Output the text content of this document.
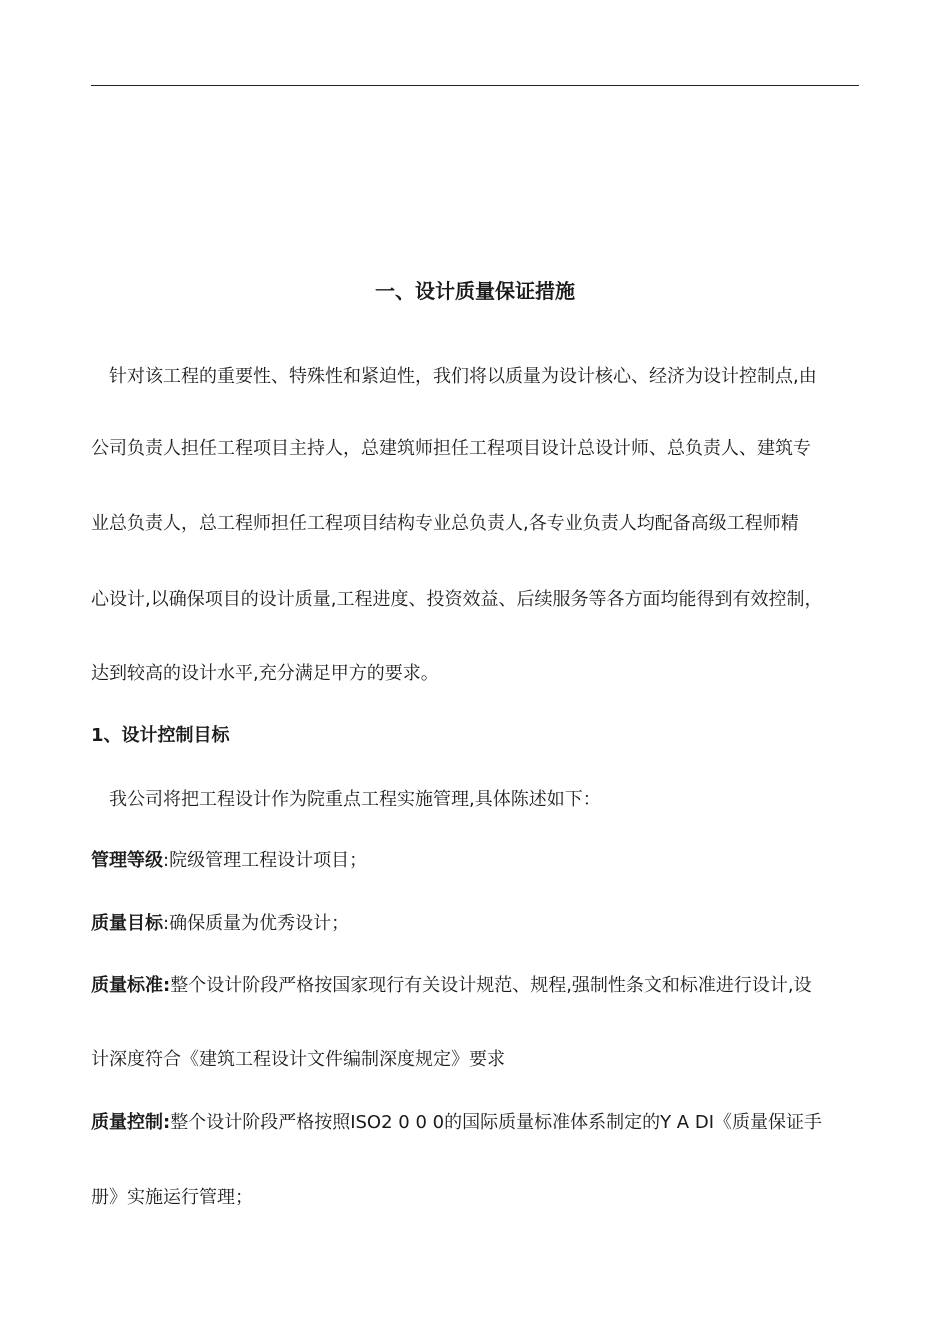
一、设计质量保证措施
针对该工程的重要性、特殊性和紧迫性，我们将以质量为设计核心、经济为设计控制点,由
公司负责人担任工程项目主持人，总建筑师担任工程项目设计总设计师、总负责人、建筑专
业总负责人，总工程师担任工程项目结构专业总负责人,各专业负责人均配备高级工程师精
心设计,以确保项目的设计质量,工程进度、投资效益、后续服务等各方面均能得到有效控制，
达到较高的设计水平,充分满足甲方的要求。
1、设计控制目标
我公司将把工程设计作为院重点工程实施管理,具体陈述如下：
管理等级:院级管理工程设计项目；
质量目标:确保质量为优秀设计；
质量标准:整个设计阶段严格按国家现行有关设计规范、规程,强制性条文和标准进行设计,设
计深度符合《建筑工程设计文件编制深度规定》要求
质量控制:整个设计阶段严格按照ISO2 0 0 0的国际质量标准体系制定的Y A DI《质量保证手
册》实施运行管理；
